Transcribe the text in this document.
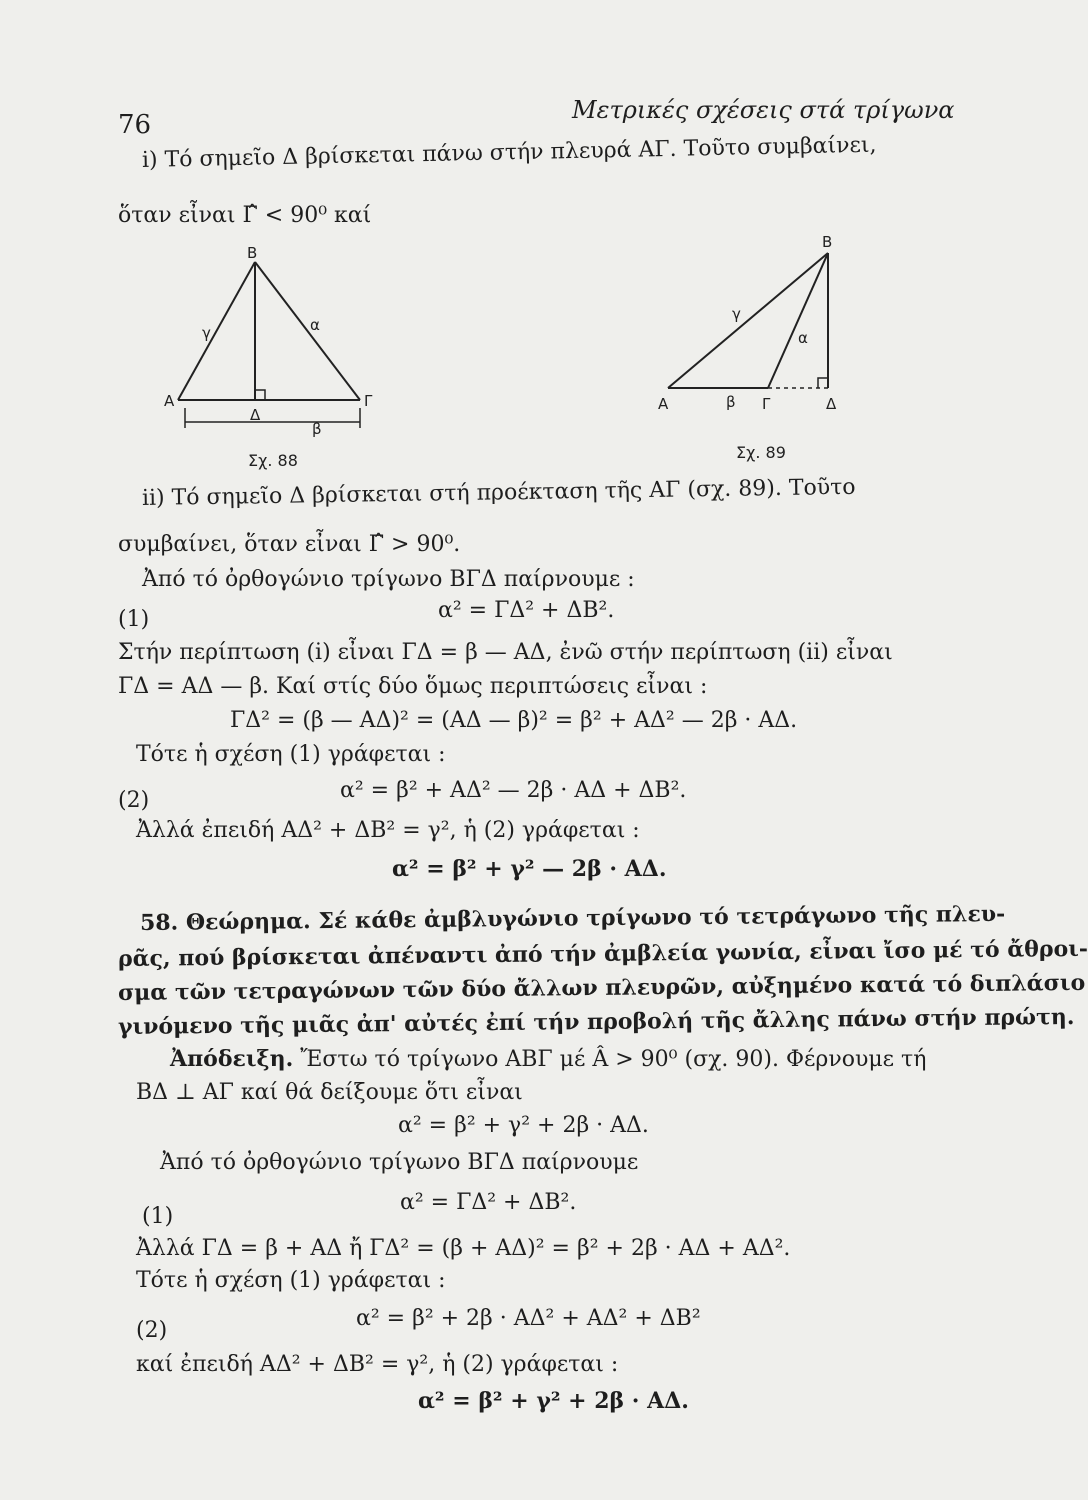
76	Μετρικές σχέσεις στά τρίγωνα
i) Τό σημεῖο Δ βρίσκεται πάνω στήν πλευρά ΑΓ. Τοῦτο συμβαίνει,
ὅταν εἶναι Γ̂ < 90⁰ καί
Β
Α	Γ
Δ
γ	α
β
Σχ. 88
Β
Α	Γ	Δ
γ
α
β
Σχ. 89
ii) Τό σημεῖο Δ βρίσκεται στή προέκταση τῆς ΑΓ (σχ. 89). Τοῦτο
συμβαίνει, ὅταν εἶναι Γ̂ > 90⁰.
Ἀπό τό ὀρθογώνιο τρίγωνο ΒΓΔ παίρνουμε :
(1)	α² = ΓΔ² + ΔΒ².
Στήν περίπτωση (i) εἶναι ΓΔ = β — ΑΔ, ἐνῶ στήν περίπτωση (ii) εἶναι
ΓΔ = ΑΔ — β. Καί στίς δύο ὅμως περιπτώσεις εἶναι :
ΓΔ² = (β — ΑΔ)² = (ΑΔ — β)² = β² + ΑΔ² — 2β · ΑΔ.
Τότε ἡ σχέση (1) γράφεται :
(2)	α² = β² + ΑΔ² — 2β · ΑΔ + ΔΒ².
Ἀλλά ἐπειδή ΑΔ² + ΔΒ² = γ², ἡ (2) γράφεται :
α² = β² + γ² — 2β · ΑΔ.
58. Θεώρημα. Σέ κάθε ἀμβλυγώνιο τρίγωνο τό τετράγωνο τῆς πλευ-
ρᾶς, πού βρίσκεται ἀπέναντι ἀπό τήν ἀμβλεία γωνία, εἶναι ἴσο μέ τό ἄθροι-
σμα τῶν τετραγώνων τῶν δύο ἄλλων πλευρῶν, αὐξημένο κατά τό διπλάσιο
γινόμενο τῆς μιᾶς ἀπ' αὐτές ἐπί τήν προβολή τῆς ἄλλης πάνω στήν πρώτη.
Ἀπόδειξη. Ἔστω τό τρίγωνο ΑΒΓ μέ Â > 90⁰ (σχ. 90). Φέρνουμε τή
ΒΔ ⊥ ΑΓ καί θά δείξουμε ὅτι εἶναι
α² = β² + γ² + 2β · ΑΔ.
Ἀπό τό ὀρθογώνιο τρίγωνο ΒΓΔ παίρνουμε
(1)
α² = ΓΔ² + ΔΒ².
Ἀλλά ΓΔ = β + ΑΔ ἤ ΓΔ² = (β + ΑΔ)² = β² + 2β · ΑΔ + ΑΔ².
Τότε ἡ σχέση (1) γράφεται :
(2)	α² = β² + 2β · ΑΔ² + ΑΔ² + ΔΒ²
καί ἐπειδή ΑΔ² + ΔΒ² = γ², ἡ (2) γράφεται :
α² = β² + γ² + 2β · ΑΔ.
